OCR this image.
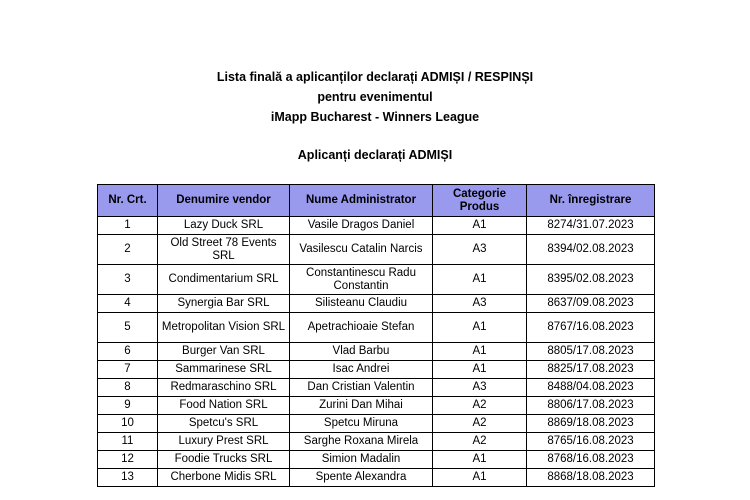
Lista finală a aplicanților declarați ADMIȘI / RESPINȘI
pentru evenimentul
iMapp Bucharest - Winners League
Aplicanți declarați ADMIȘI
Nr. Crt.	Denumire vendor	Nume Administrator	Categorie Produs	Nr. înregistrare
1	Lazy Duck SRL	Vasile Dragos Daniel	A1	8274/31.07.2023
2	Old Street 78 Events SRL	Vasilescu Catalin Narcis	A3	8394/02.08.2023
3	Condimentarium SRL	Constantinescu Radu Constantin	A1	8395/02.08.2023
4	Synergia Bar SRL	Silisteanu Claudiu	A3	8637/09.08.2023
5	Metropolitan Vision SRL	Apetrachioaie Stefan	A1	8767/16.08.2023
6	Burger Van SRL	Vlad Barbu	A1	8805/17.08.2023
7	Sammarinese SRL	Isac Andrei	A1	8825/17.08.2023
8	Redmaraschino SRL	Dan Cristian Valentin	A3	8488/04.08.2023
9	Food Nation SRL	Zurini Dan Mihai	A2	8806/17.08.2023
10	Spetcu's SRL	Spetcu Miruna	A2	8869/18.08.2023
11	Luxury Prest SRL	Sarghe Roxana Mirela	A2	8765/16.08.2023
12	Foodie Trucks SRL	Simion Madalin	A1	8768/16.08.2023
13	Cherbone Midis SRL	Spente Alexandra	A1	8868/18.08.2023
